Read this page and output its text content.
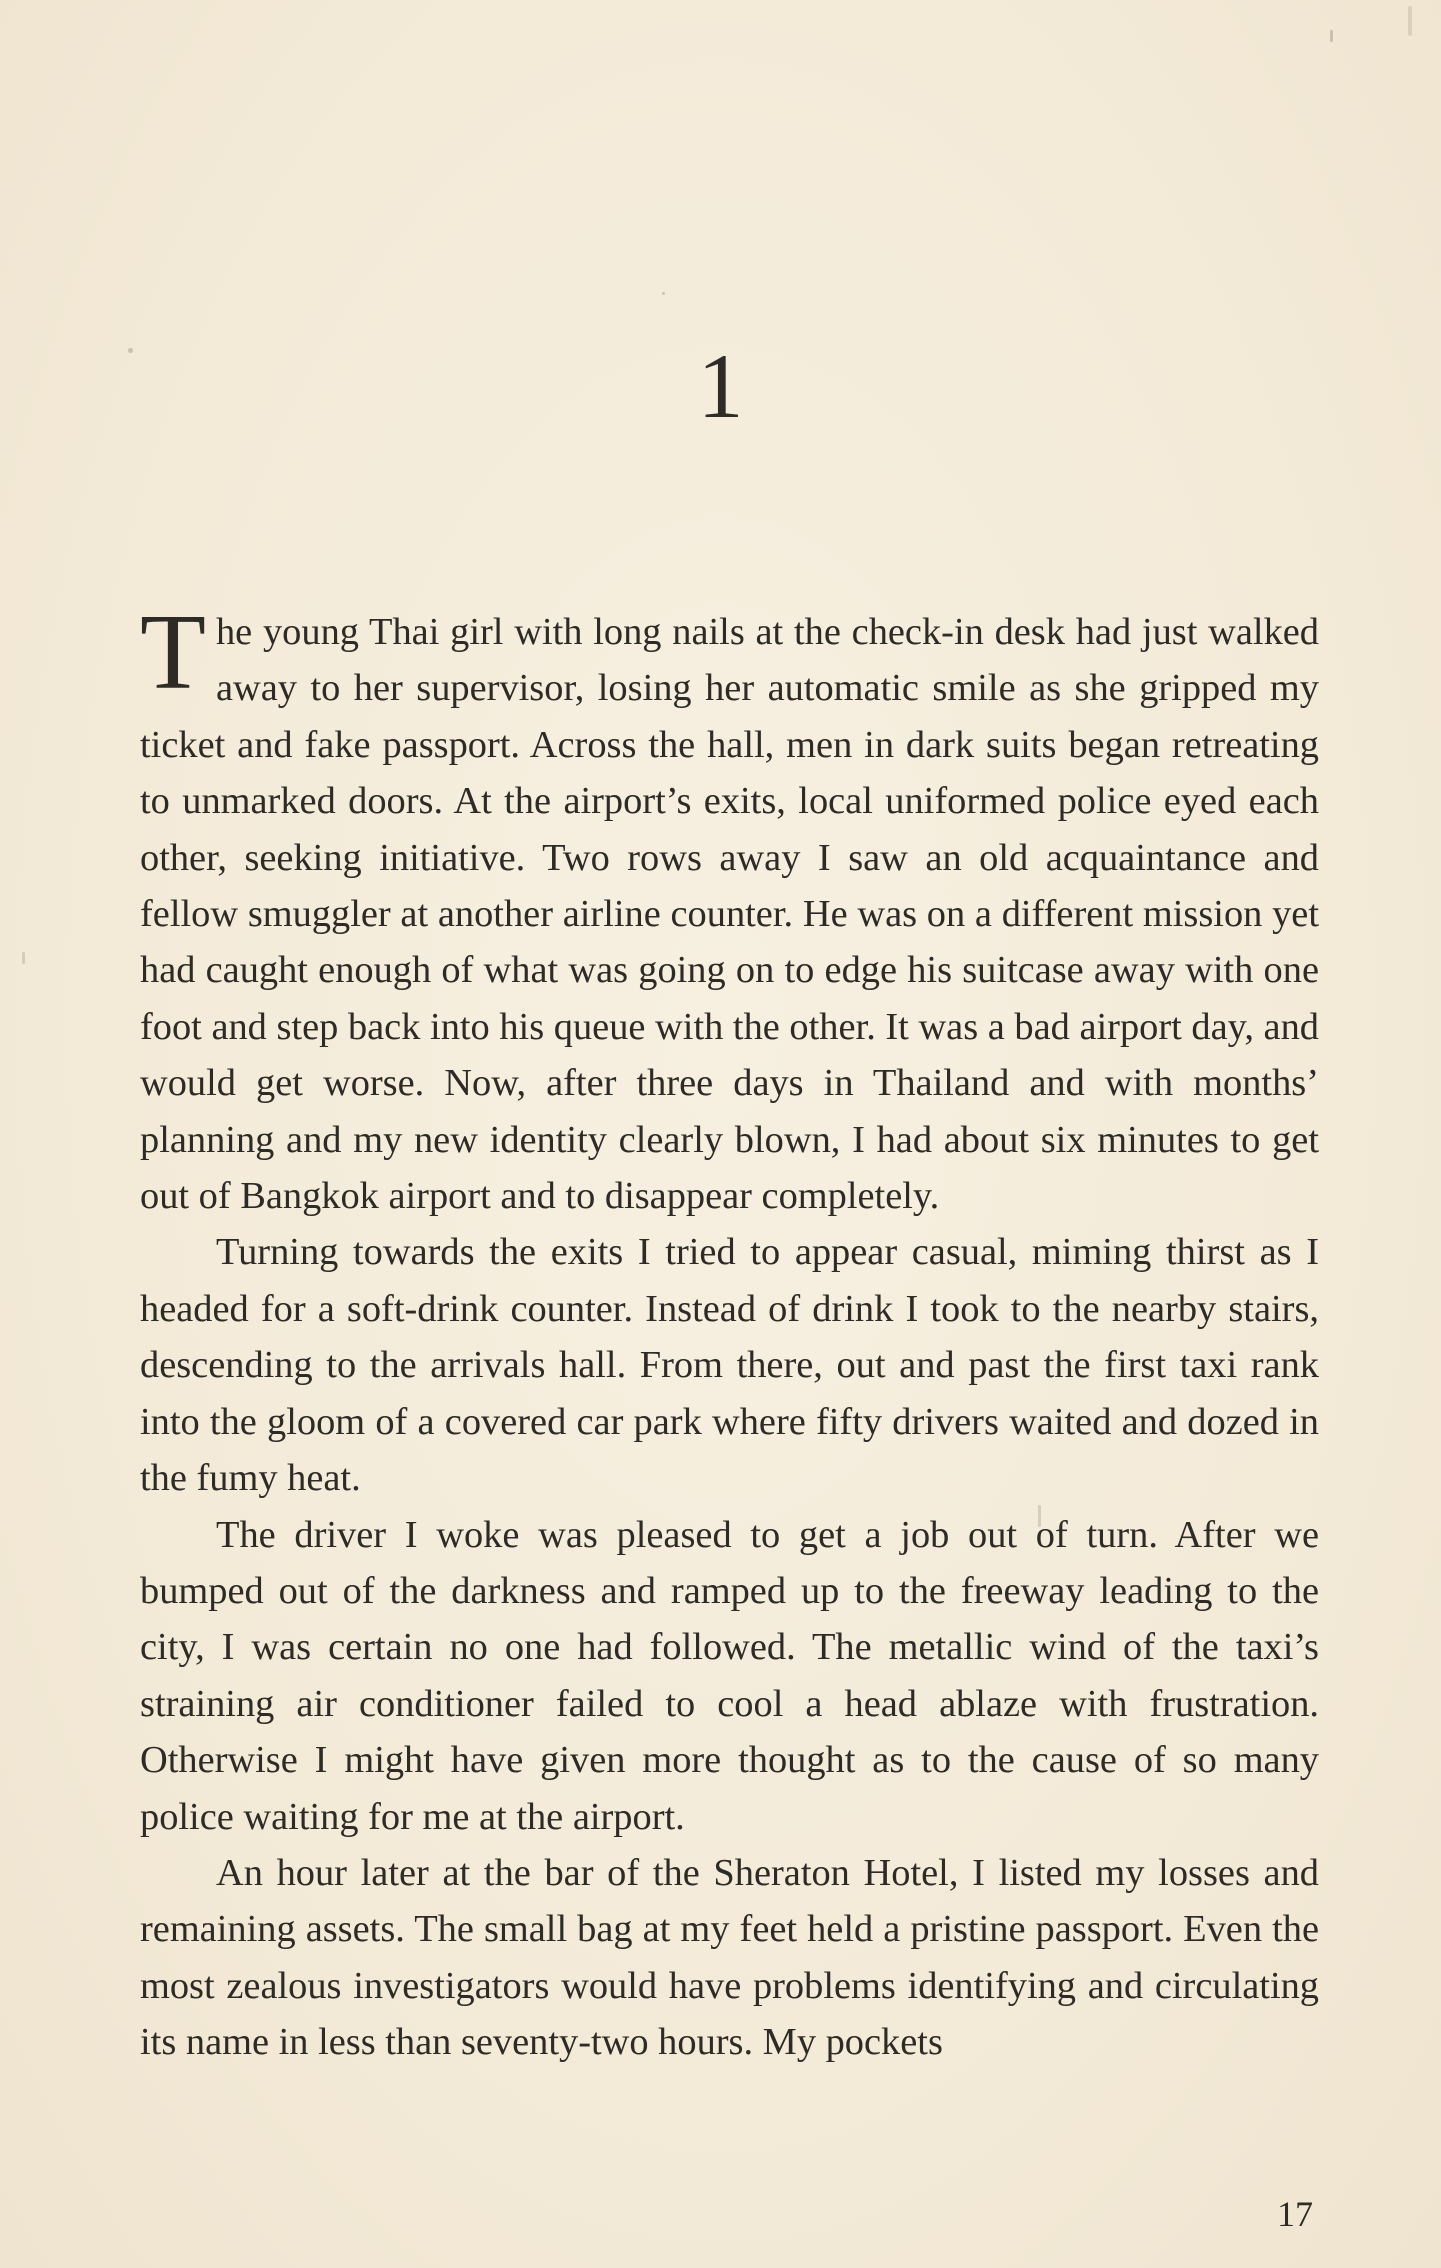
1

The young Thai girl with long nails at the check-in desk had just walked away to her supervisor, losing her automatic smile as she gripped my ticket and fake passport. Across the hall, men in dark suits began retreating to unmarked doors. At the airport’s exits, local uniformed police eyed each other, seeking initiative. Two rows away I saw an old acquaintance and fellow smuggler at another airline counter. He was on a different mission yet had caught enough of what was going on to edge his suitcase away with one foot and step back into his queue with the other. It was a bad airport day, and would get worse. Now, after three days in Thailand and with months’ planning and my new identity clearly blown, I had about six minutes to get out of Bangkok airport and to disappear completely.

Turning towards the exits I tried to appear casual, miming thirst as I headed for a soft-drink counter. Instead of drink I took to the nearby stairs, descending to the arrivals hall. From there, out and past the first taxi rank into the gloom of a covered car park where fifty drivers waited and dozed in the fumy heat.

The driver I woke was pleased to get a job out of turn. After we bumped out of the darkness and ramped up to the freeway leading to the city, I was certain no one had followed. The metallic wind of the taxi’s straining air conditioner failed to cool a head ablaze with frustration. Otherwise I might have given more thought as to the cause of so many police waiting for me at the airport.

An hour later at the bar of the Sheraton Hotel, I listed my losses and remaining assets. The small bag at my feet held a pristine passport. Even the most zealous investigators would have problems identifying and circulating its name in less than seventy-two hours. My pockets

17
